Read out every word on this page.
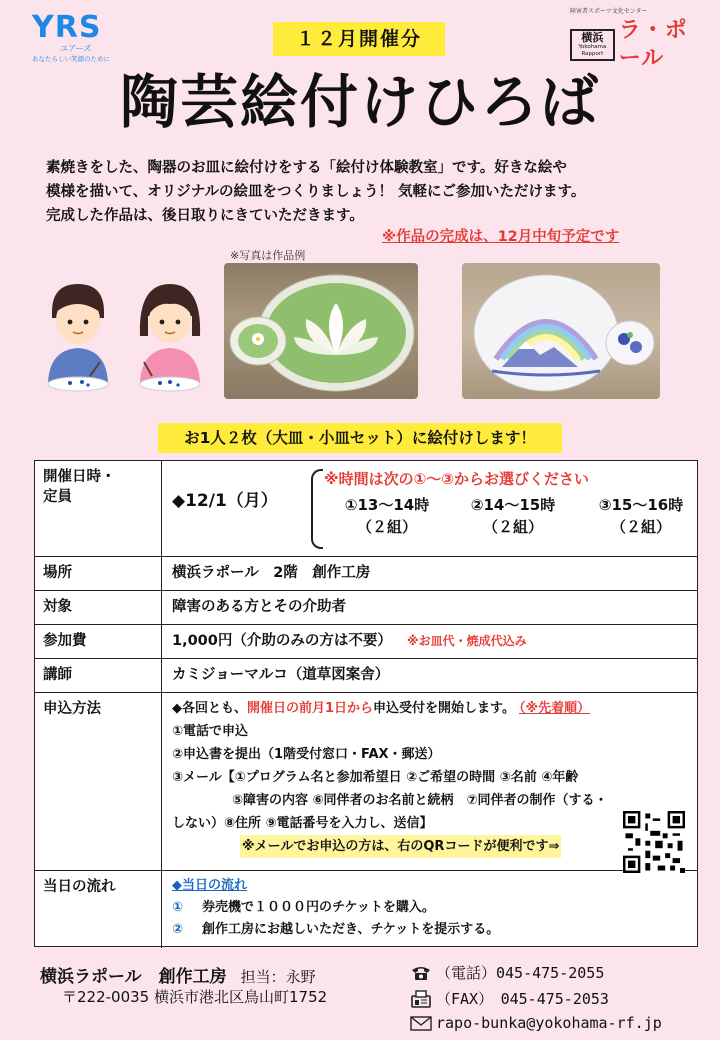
YRS
ユアーズ
あなたらしい笑顔のために
１２月開催分
障害者スポーツ文化センター
横浜
Yokohama Rapport
ラ・ポール
陶芸絵付けひろば
素焼きをした、陶器のお皿に絵付けをする「絵付け体験教室」です。好きな絵や
模様を描いて、オリジナルの絵皿をつくりましょう！ 気軽にご参加いただけます。
完成した作品は、後日取りにきていただきます。
※作品の完成は、12月中旬予定です
※写真は作品例
お1人２枚（大皿・小皿セット）に絵付けします！
開催日時・
定員	◆12/1（月）
※時間は次の①～③からお選びください
①13～14時
（２組）
②14～15時
（２組）
③15～16時
（２組）
場所	横浜ラポール　2階　創作工房
対象	障害のある方とその介助者
参加費	1,000円（介助のみの方は不要） ※お皿代・焼成代込み
講師	カミジョーマルコ（道草図案舎）
申込方法	◆各回とも、開催日の前月1日から申込受付を開始します。 （※先着順）
①電話で申込
②申込書を提出（1階受付窓口・FAX・郵送）
③メール【①プログラム名と参加希望日 ②ご希望の時間 ③名前 ④年齢
⑤障害の内容 ⑥同伴者のお名前と続柄　⑦同伴者の制作（する・
しない）⑧住所 ⑨電話番号を入力し、送信】
※メールでお申込の方は、右のQRコードが便利です⇒
当日の流れ	◆当日の流れ
① 券売機で１０００円のチケットを購入。
② 創作工房にお越しいただき、チケットを提示する。
横浜ラポール　創作工房 担当：永野
〒222-0035 横浜市港北区鳥山町1752
（電話）045-475-2055
（FAX）　045-475-2053
rapo-bunka@yokohama-rf.jp
